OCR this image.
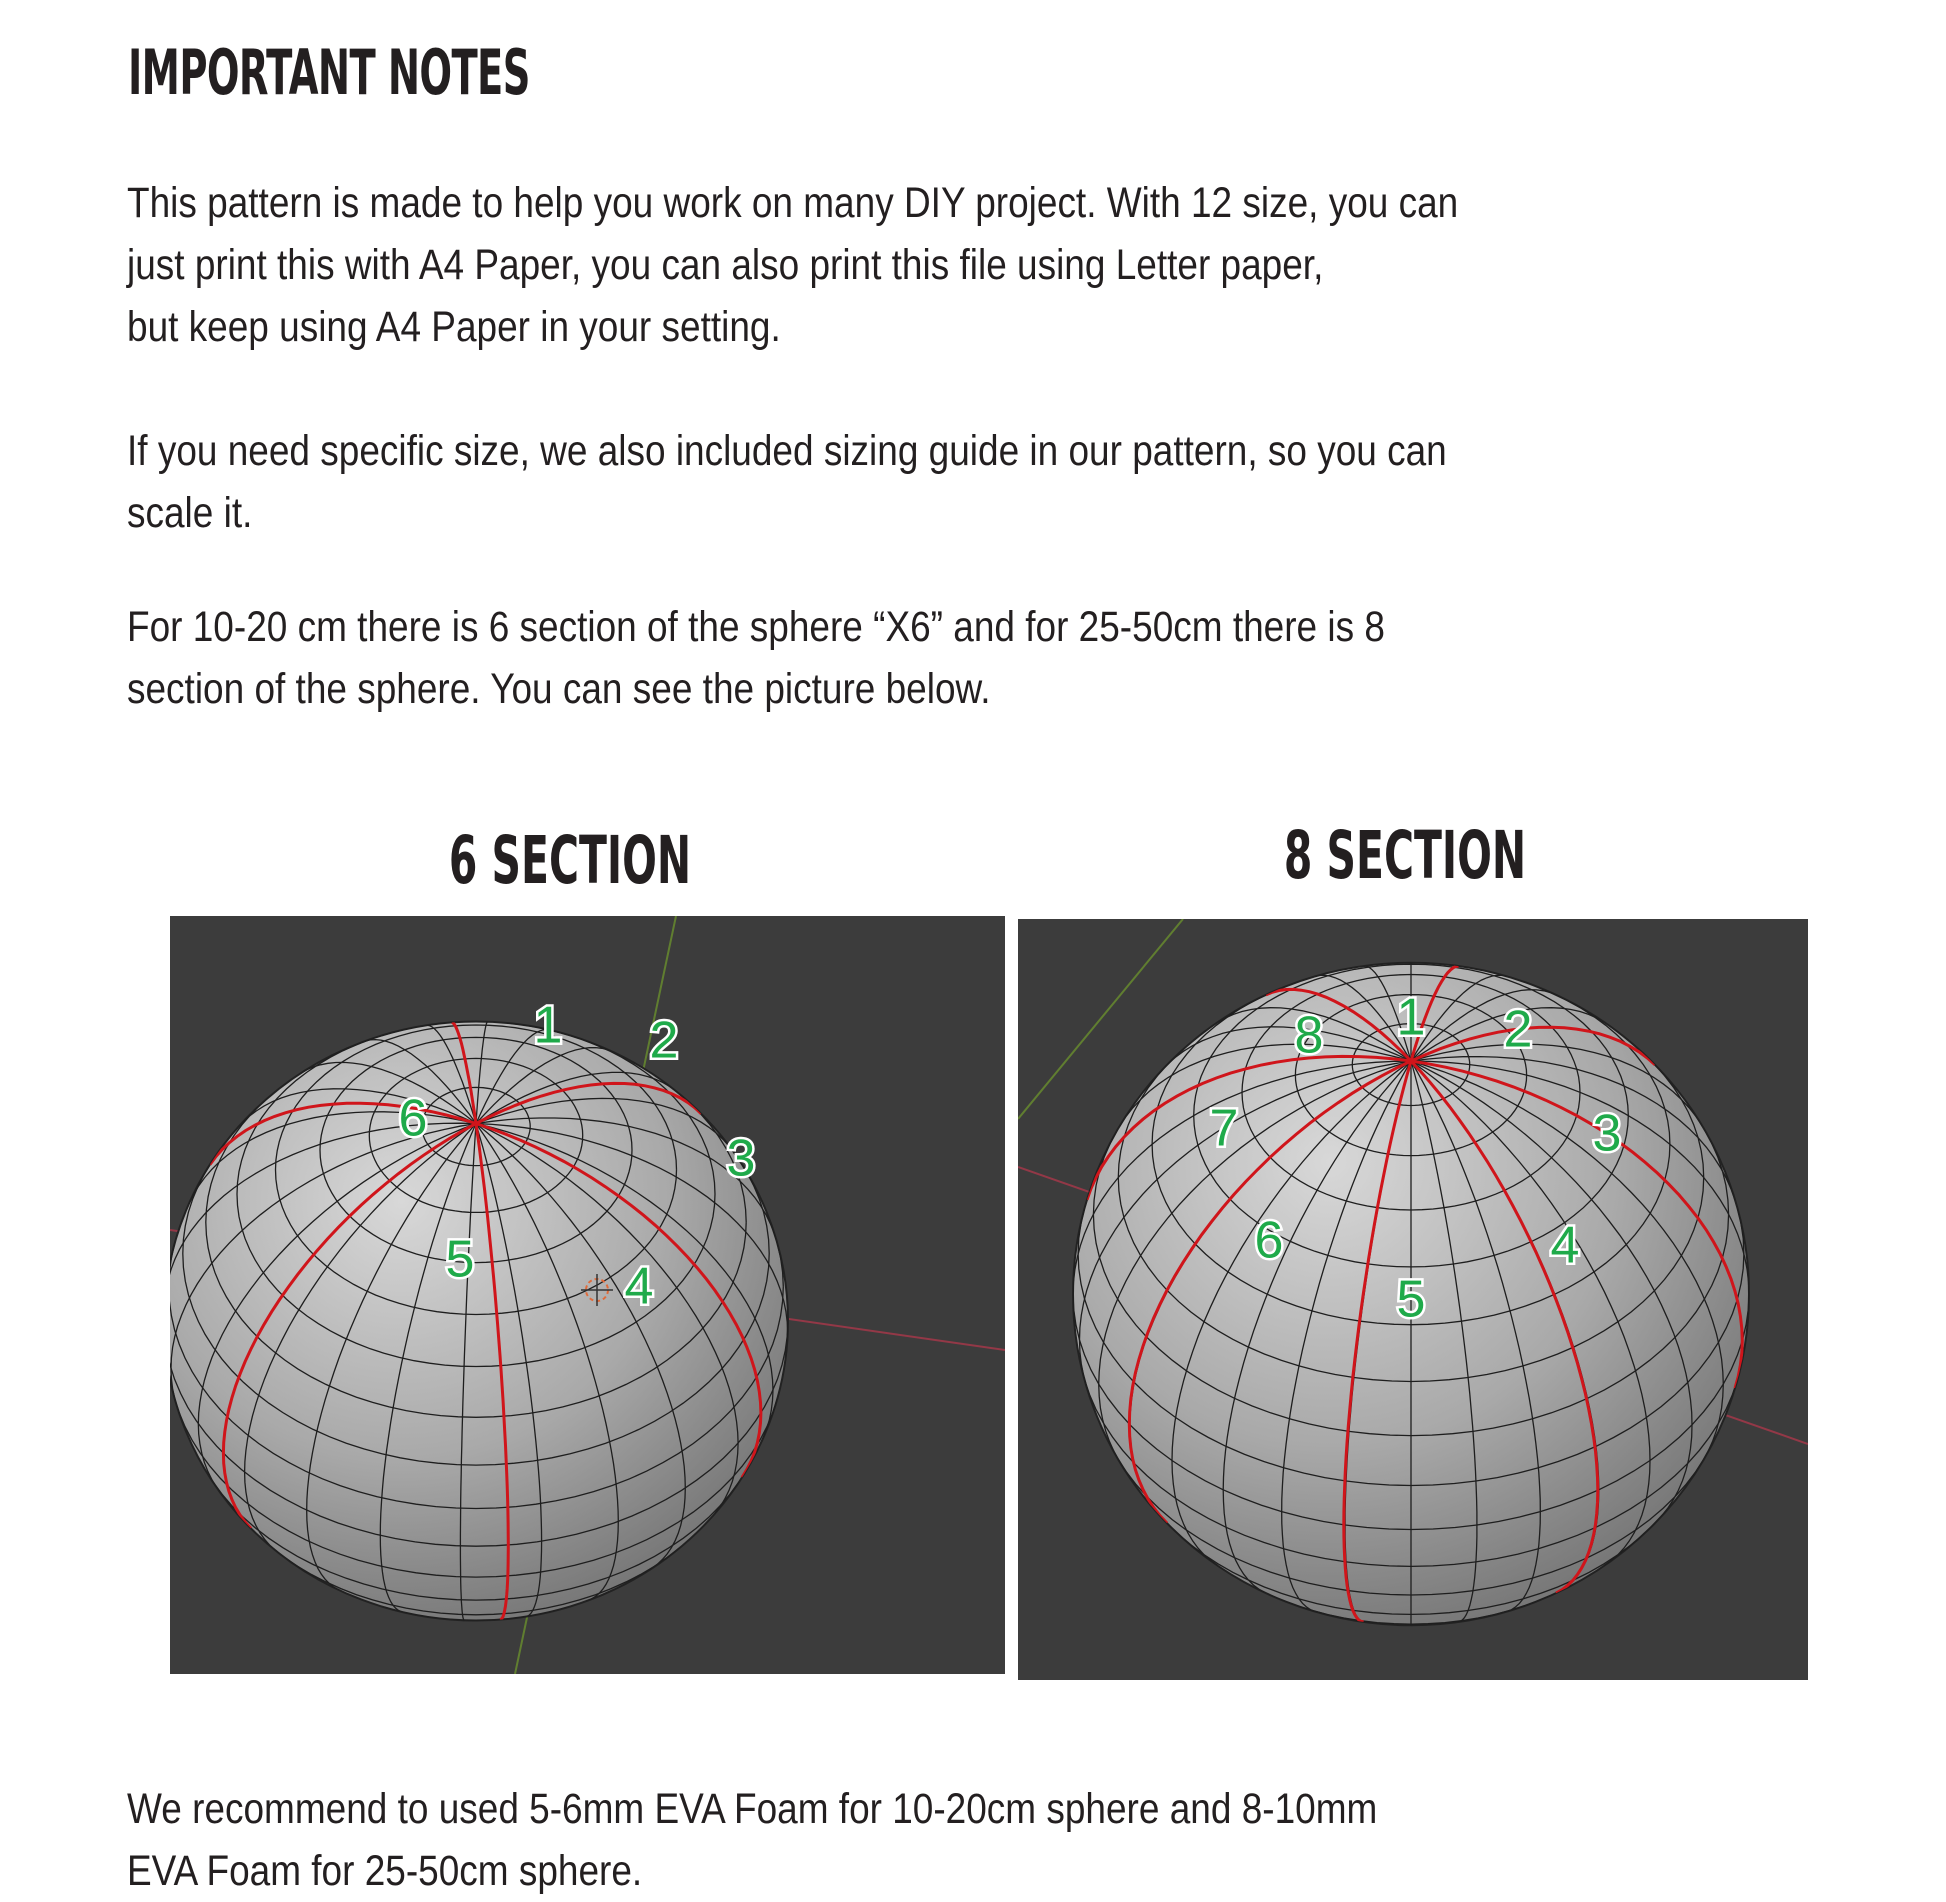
IMPORTANT NOTES

This pattern is made to help you work on many DIY project. With 12 size, you can
just print this with A4 Paper, you can also print this file using Letter paper,
but keep using A4 Paper in your setting.

If you need specific size, we also included sizing guide in our pattern, so you can
scale it.

For 10-20 cm there is 6 section of the sphere “X6” and for 25-50cm there is 8
section of the sphere. You can see the picture below.

6 SECTION	8 SECTION
1 2
3
4
5
6
1 2
3
4
5
6
7
8

We recommend to used 5-6mm EVA Foam for 10-20cm sphere and 8-10mm
EVA Foam for 25-50cm sphere.
